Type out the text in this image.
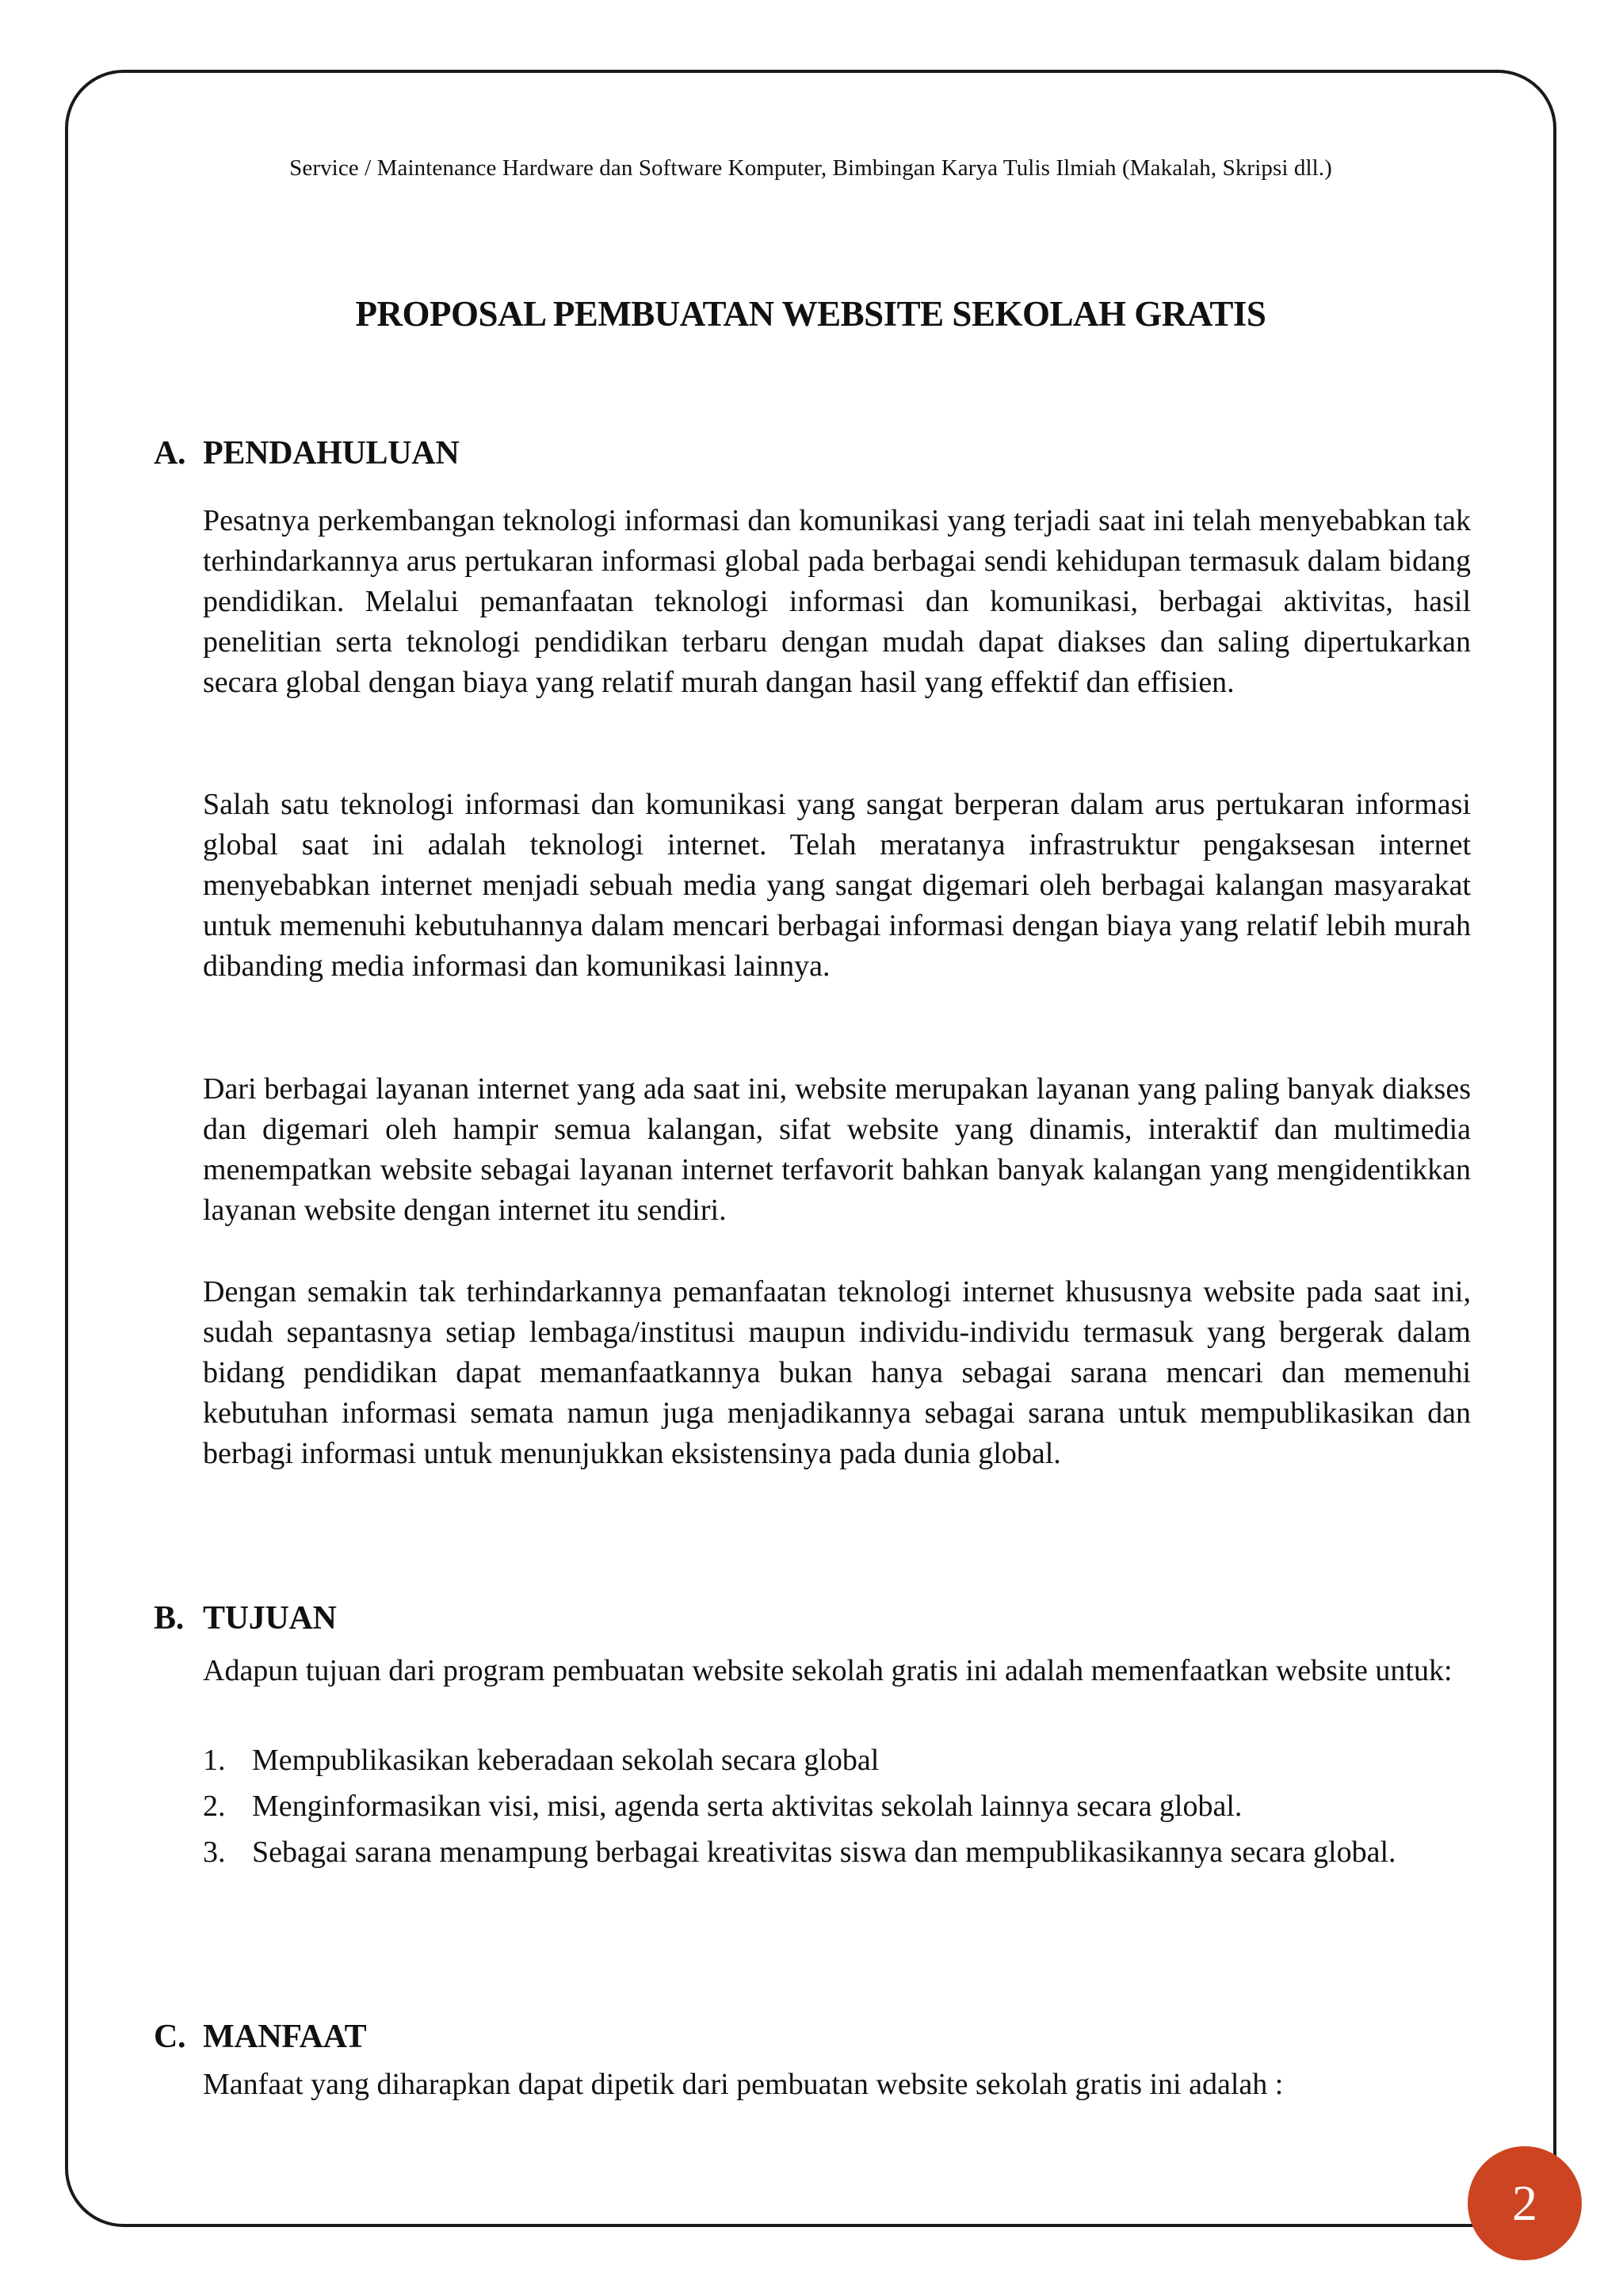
Service / Maintenance Hardware dan Software Komputer, Bimbingan Karya Tulis Ilmiah (Makalah, Skripsi dll.)
PROPOSAL PEMBUATAN WEBSITE SEKOLAH GRATIS
A. PENDAHULUAN

Pesatnya perkembangan teknologi informasi dan komunikasi yang terjadi saat ini telah menyebabkan tak terhindarkannya arus pertukaran informasi global pada berbagai sendi kehidupan termasuk dalam bidang pendidikan. Melalui pemanfaatan teknologi informasi dan komunikasi, berbagai aktivitas, hasil penelitian serta teknologi pendidikan terbaru dengan mudah dapat diakses dan saling dipertukarkan secara global dengan biaya yang relatif murah dangan hasil yang effektif dan effisien.

Salah satu teknologi informasi dan komunikasi yang sangat berperan dalam arus pertukaran informasi global saat ini adalah teknologi internet. Telah meratanya infrastruktur pengaksesan internet menyebabkan internet menjadi sebuah media yang sangat digemari oleh berbagai kalangan masyarakat untuk memenuhi kebutuhannya dalam mencari berbagai informasi dengan biaya yang relatif lebih murah dibanding media informasi dan komunikasi lainnya.

Dari berbagai layanan internet yang ada saat ini, website merupakan layanan yang paling banyak diakses dan digemari oleh hampir semua kalangan, sifat website yang dinamis, interaktif dan multimedia menempatkan website sebagai layanan internet terfavorit bahkan banyak kalangan yang mengidentikkan layanan website dengan internet itu sendiri.

Dengan semakin tak terhindarkannya pemanfaatan teknologi internet khususnya website pada saat ini, sudah sepantasnya setiap lembaga/institusi maupun individu-individu termasuk yang bergerak dalam bidang pendidikan dapat memanfaatkannya bukan hanya sebagai sarana mencari dan memenuhi kebutuhan informasi semata namun juga menjadikannya sebagai sarana untuk mempublikasikan dan berbagi informasi untuk menunjukkan eksistensinya pada dunia global.

B. TUJUAN

Adapun tujuan dari program pembuatan website sekolah gratis ini adalah memenfaatkan website untuk:

1. Mempublikasikan keberadaan sekolah secara global
2. Menginformasikan visi, misi, agenda serta aktivitas sekolah lainnya secara global.
3. Sebagai sarana menampung berbagai kreativitas siswa dan mempublikasikannya secara global.
C. MANFAAT

Manfaat yang diharapkan dapat dipetik dari pembuatan website sekolah gratis ini adalah :

2
